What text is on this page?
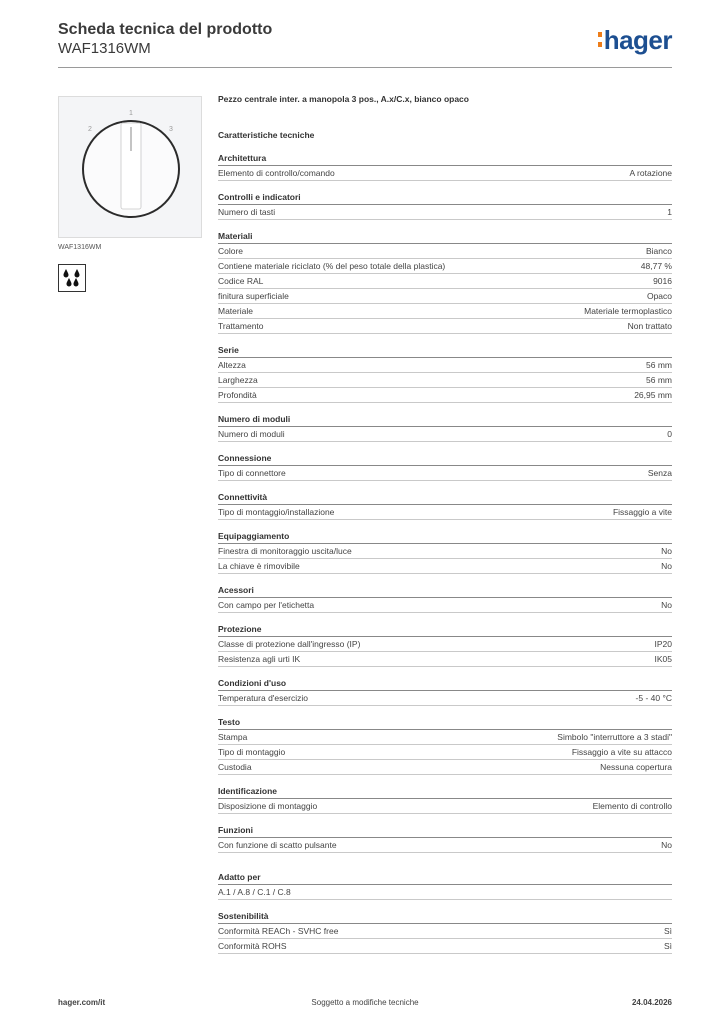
Scheda tecnica del prodotto
WAF1316WM	hager
1
2	3
WAF1316WM
Pezzo centrale inter. a manopola 3 pos., A.x/C.x, bianco opaco
Caratteristiche tecniche
Architettura
Elemento di controllo/comando	A rotazione
Controlli e indicatori
Numero di tasti	1
Materiali
Colore	Bianco
Contiene materiale riciclato (% del peso totale della plastica)	48,77 %
Codice RAL	9016
finitura superficiale	Opaco
Materiale	Materiale termoplastico
Trattamento	Non trattato
Serie
Altezza	56 mm
Larghezza	56 mm
Profondità	26,95 mm
Numero di moduli
Numero di moduli	0
Connessione
Tipo di connettore	Senza
Connettività
Tipo di montaggio/installazione	Fissaggio a vite
Equipaggiamento
Finestra di monitoraggio uscita/luce	No
La chiave è rimovibile	No
Acessori
Con campo per l'etichetta	No
Protezione
Classe di protezione dall'ingresso (IP)	IP20
Resistenza agli urti IK	IK05
Condizioni d'uso
Temperatura d'esercizio	-5 - 40 °C
Testo
Stampa	Simbolo "interruttore a 3 stadi"
Tipo di montaggio	Fissaggio a vite su attacco
Custodia	Nessuna copertura
Identificazione
Disposizione di montaggio	Elemento di controllo
Funzioni
Con funzione di scatto pulsante	No
Adatto per
A.1 / A.8 / C.1 / C.8
Sostenibilità
Conformità REACh - SVHC free	Sì
Conformità ROHS	Sì
hager.com/it	Soggetto a modifiche tecniche	24.04.2026
